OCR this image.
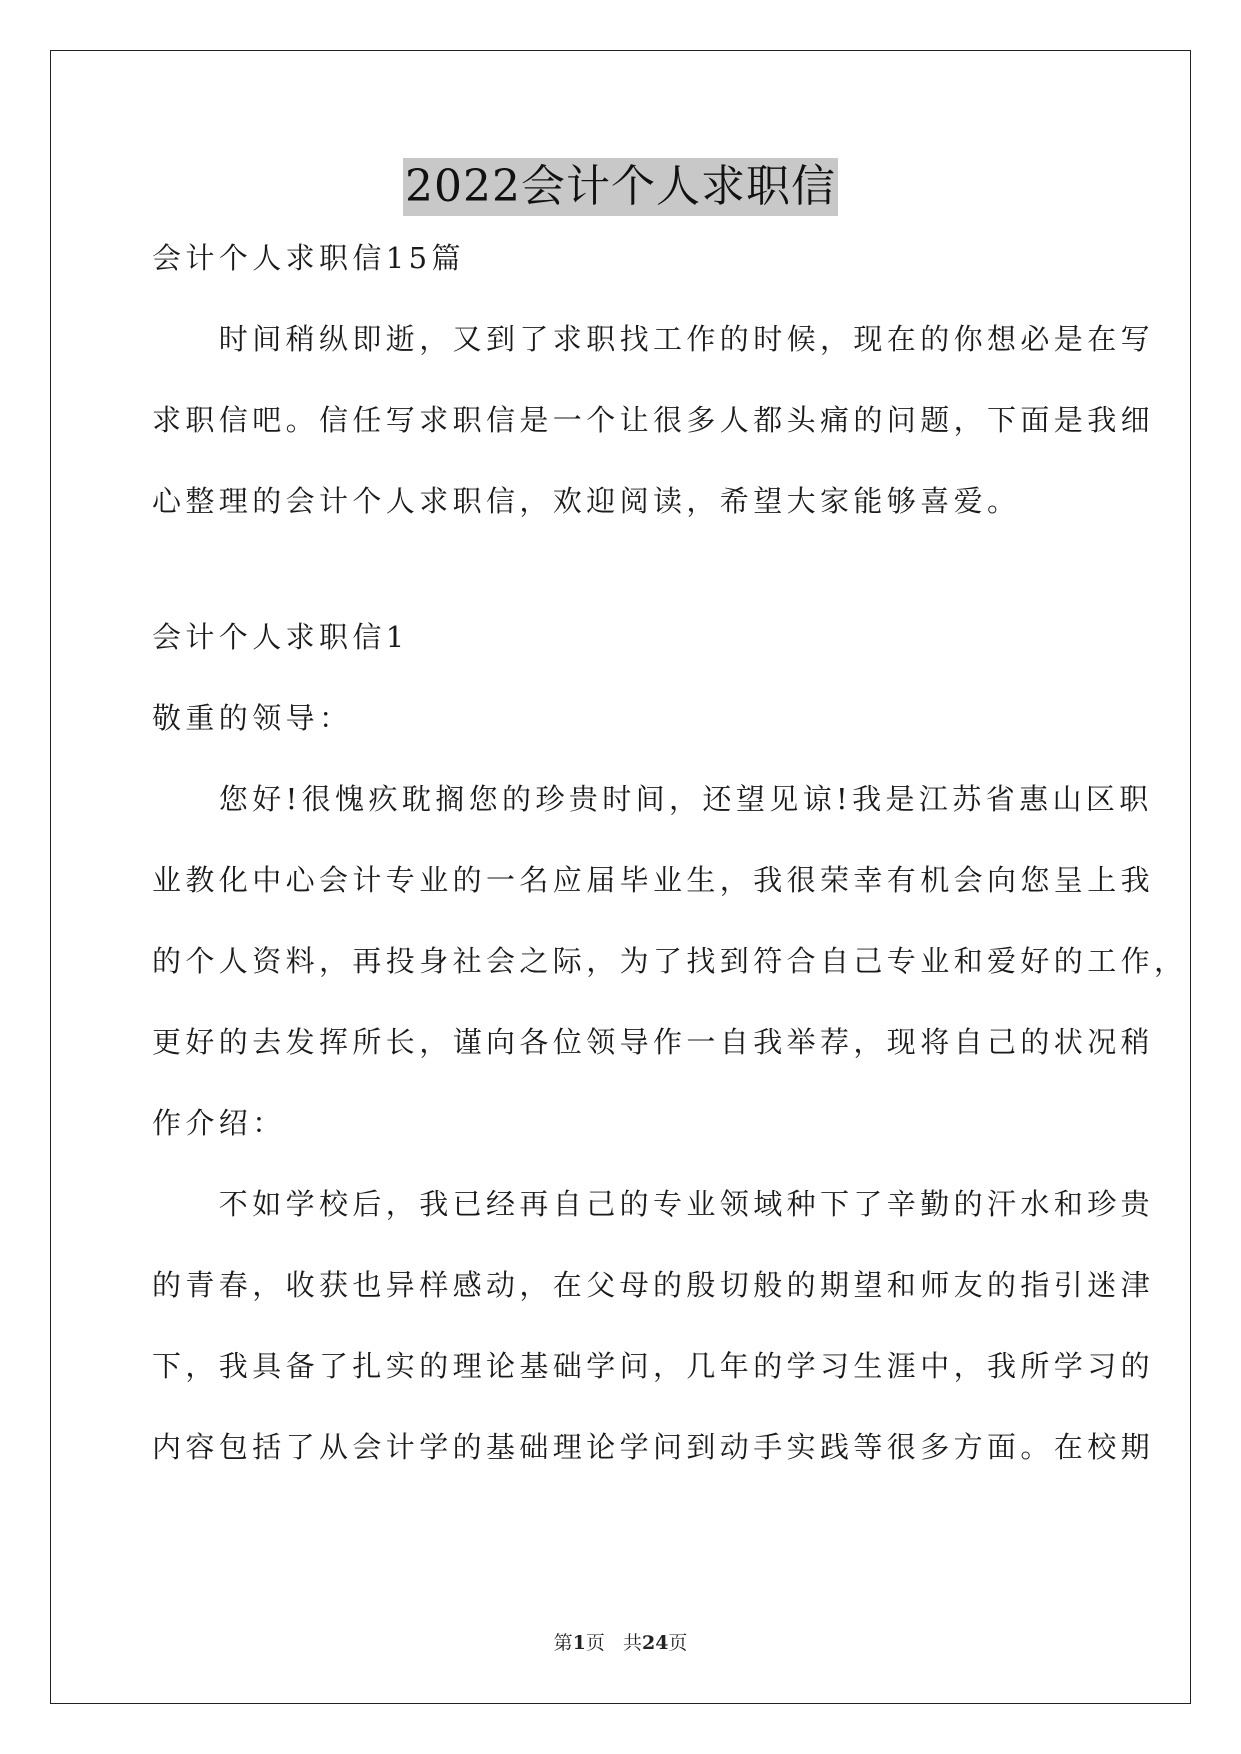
2022会计个人求职信
会计个人求职信15篇
　　时间稍纵即逝，又到了求职找工作的时候，现在的你想必是在写
求职信吧。信任写求职信是一个让很多人都头痛的问题，下面是我细
心整理的会计个人求职信，欢迎阅读，希望大家能够喜爱。
会计个人求职信1
敬重的领导：
　　您好!很愧疚耽搁您的珍贵时间，还望见谅!我是江苏省惠山区职
业教化中心会计专业的一名应届毕业生，我很荣幸有机会向您呈上我
的个人资料，再投身社会之际，为了找到符合自己专业和爱好的工作，
更好的去发挥所长，谨向各位领导作一自我举荐，现将自己的状况稍
作介绍：
　　不如学校后，我已经再自己的专业领域种下了辛勤的汗水和珍贵
的青春，收获也异样感动，在父母的殷切般的期望和师友的指引迷津
下，我具备了扎实的理论基础学问，几年的学习生涯中，我所学习的
内容包括了从会计学的基础理论学问到动手实践等很多方面。在校期
第1页 共24页
